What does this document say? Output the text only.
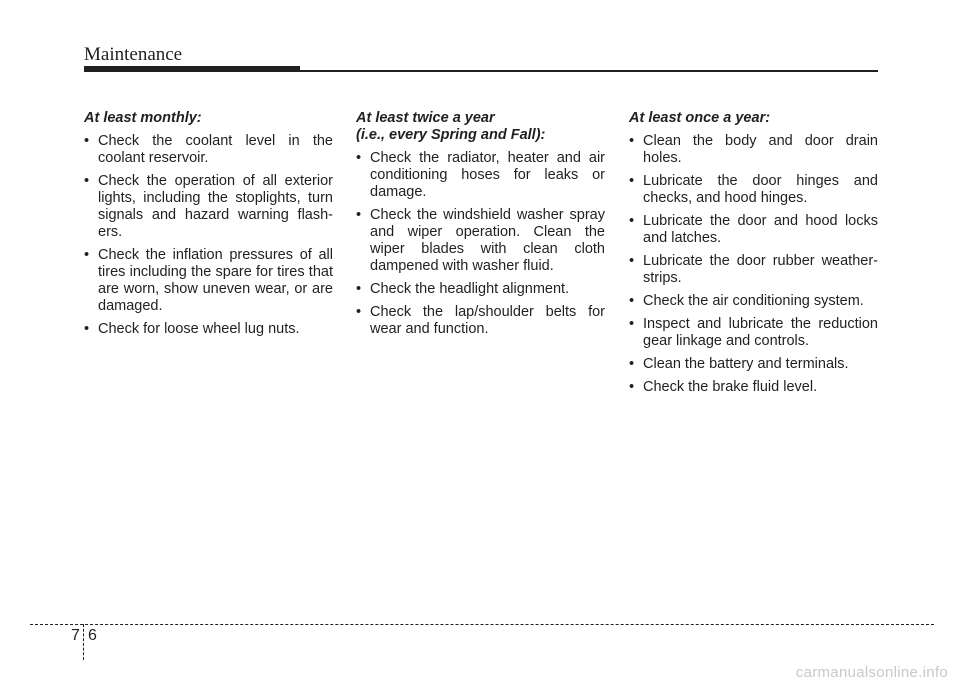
Maintenance
At least monthly:
• Check the coolant level in the coolant reservoir.
• Check the operation of all exterior lights, including the stoplights, turn signals and hazard warning flash-ers.
• Check the inflation pressures of all tires including the spare for tires that are worn, show uneven wear, or are damaged.
• Check for loose wheel lug nuts.
At least twice a year
(i.e., every Spring and Fall):
• Check the radiator, heater and air conditioning hoses for leaks or damage.
• Check the windshield washer spray and wiper operation. Clean the wiper blades with clean cloth dampened with washer fluid.
• Check the headlight alignment.
• Check the lap/shoulder belts for wear and function.
At least once a year:
• Clean the body and door drain holes.
• Lubricate the door hinges and checks, and hood hinges.
• Lubricate the door and hood locks and latches.
• Lubricate the door rubber weather-strips.
• Check the air conditioning system.
• Inspect and lubricate the reduction gear linkage and controls.
• Clean the battery and terminals.
• Check the brake fluid level.
7 6
carmanualsonline.info
